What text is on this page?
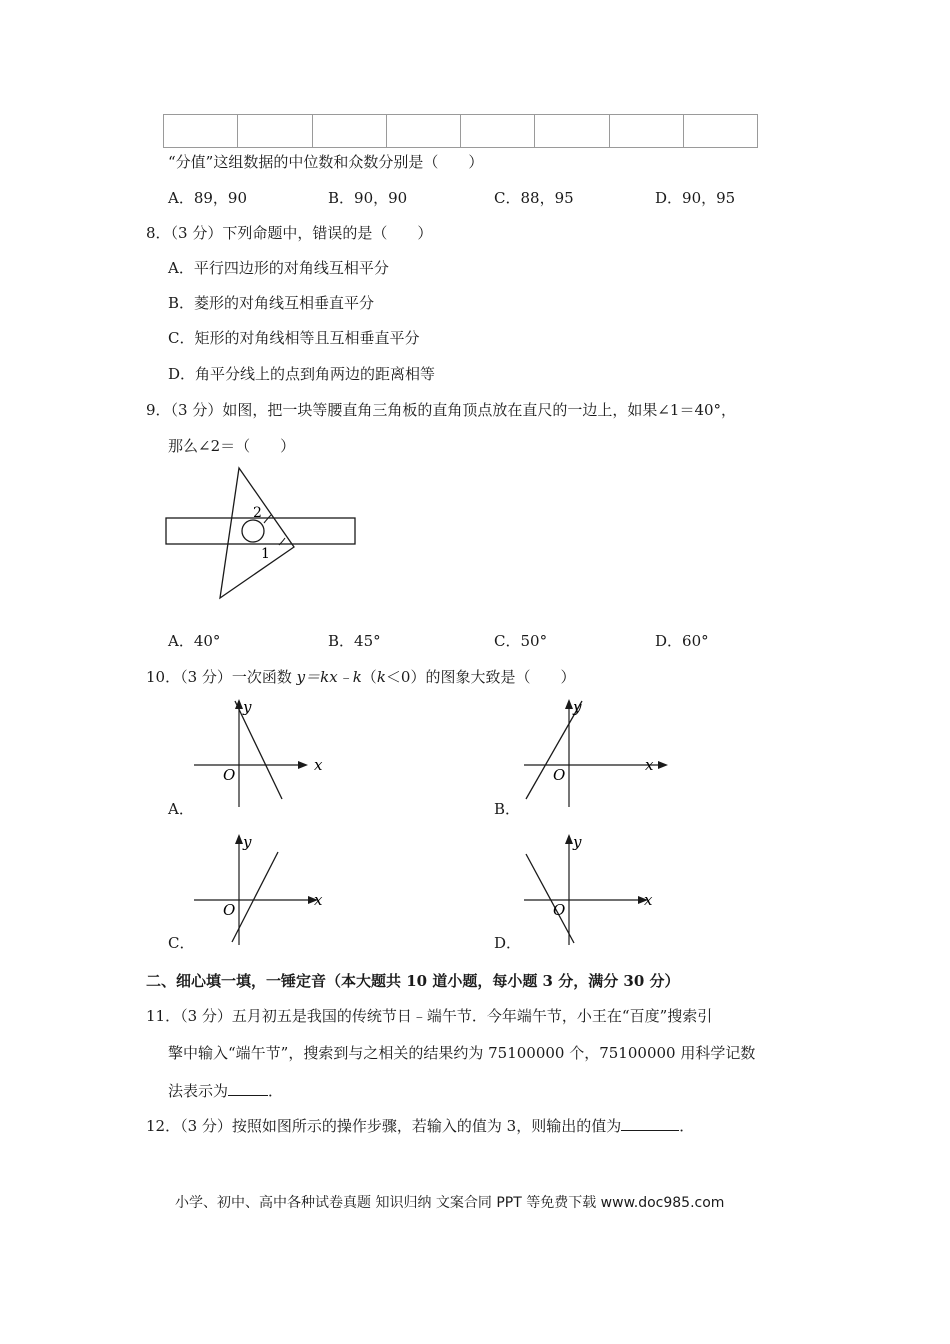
“分值”这组数据的中位数和众数分别是（　　）
A．89，90	B．90，90	C．88，95	D．90，95
8．（3 分）下列命题中，错误的是（　　）
A．平行四边形的对角线互相平分
B．菱形的对角线互相垂直平分
C．矩形的对角线相等且互相垂直平分
D．角平分线上的点到角两边的距离相等
9．（3 分）如图，把一块等腰直角三角板的直角顶点放在直尺的一边上，如果∠1＝40°，
那么∠2＝（　　）
2
1
A．40°	B．45°	C．50°	D．60°
10．（3 分）一次函数 y＝kx﹣k（k＜0）的图象大致是（　　）
y
x
O
A．
y
x
O
B．
y
x
O
C．
y
x
O
D．
二、细心填一填，一锤定音（本大题共 10 道小题，每小题 3 分，满分 30 分）
11．（3 分）五月初五是我国的传统节日﹣端午节．今年端午节，小王在“百度”搜索引
擎中输入“端午节”，搜索到与之相关的结果约为 75100000 个，75100000 用科学记数
法表示为	．
12．（3 分）按照如图所示的操作步骤，若输入的值为 3，则输出的值为	．
小学、初中、高中各种试卷真题 知识归纳 文案合同 PPT 等免费下载 www.doc985.com
